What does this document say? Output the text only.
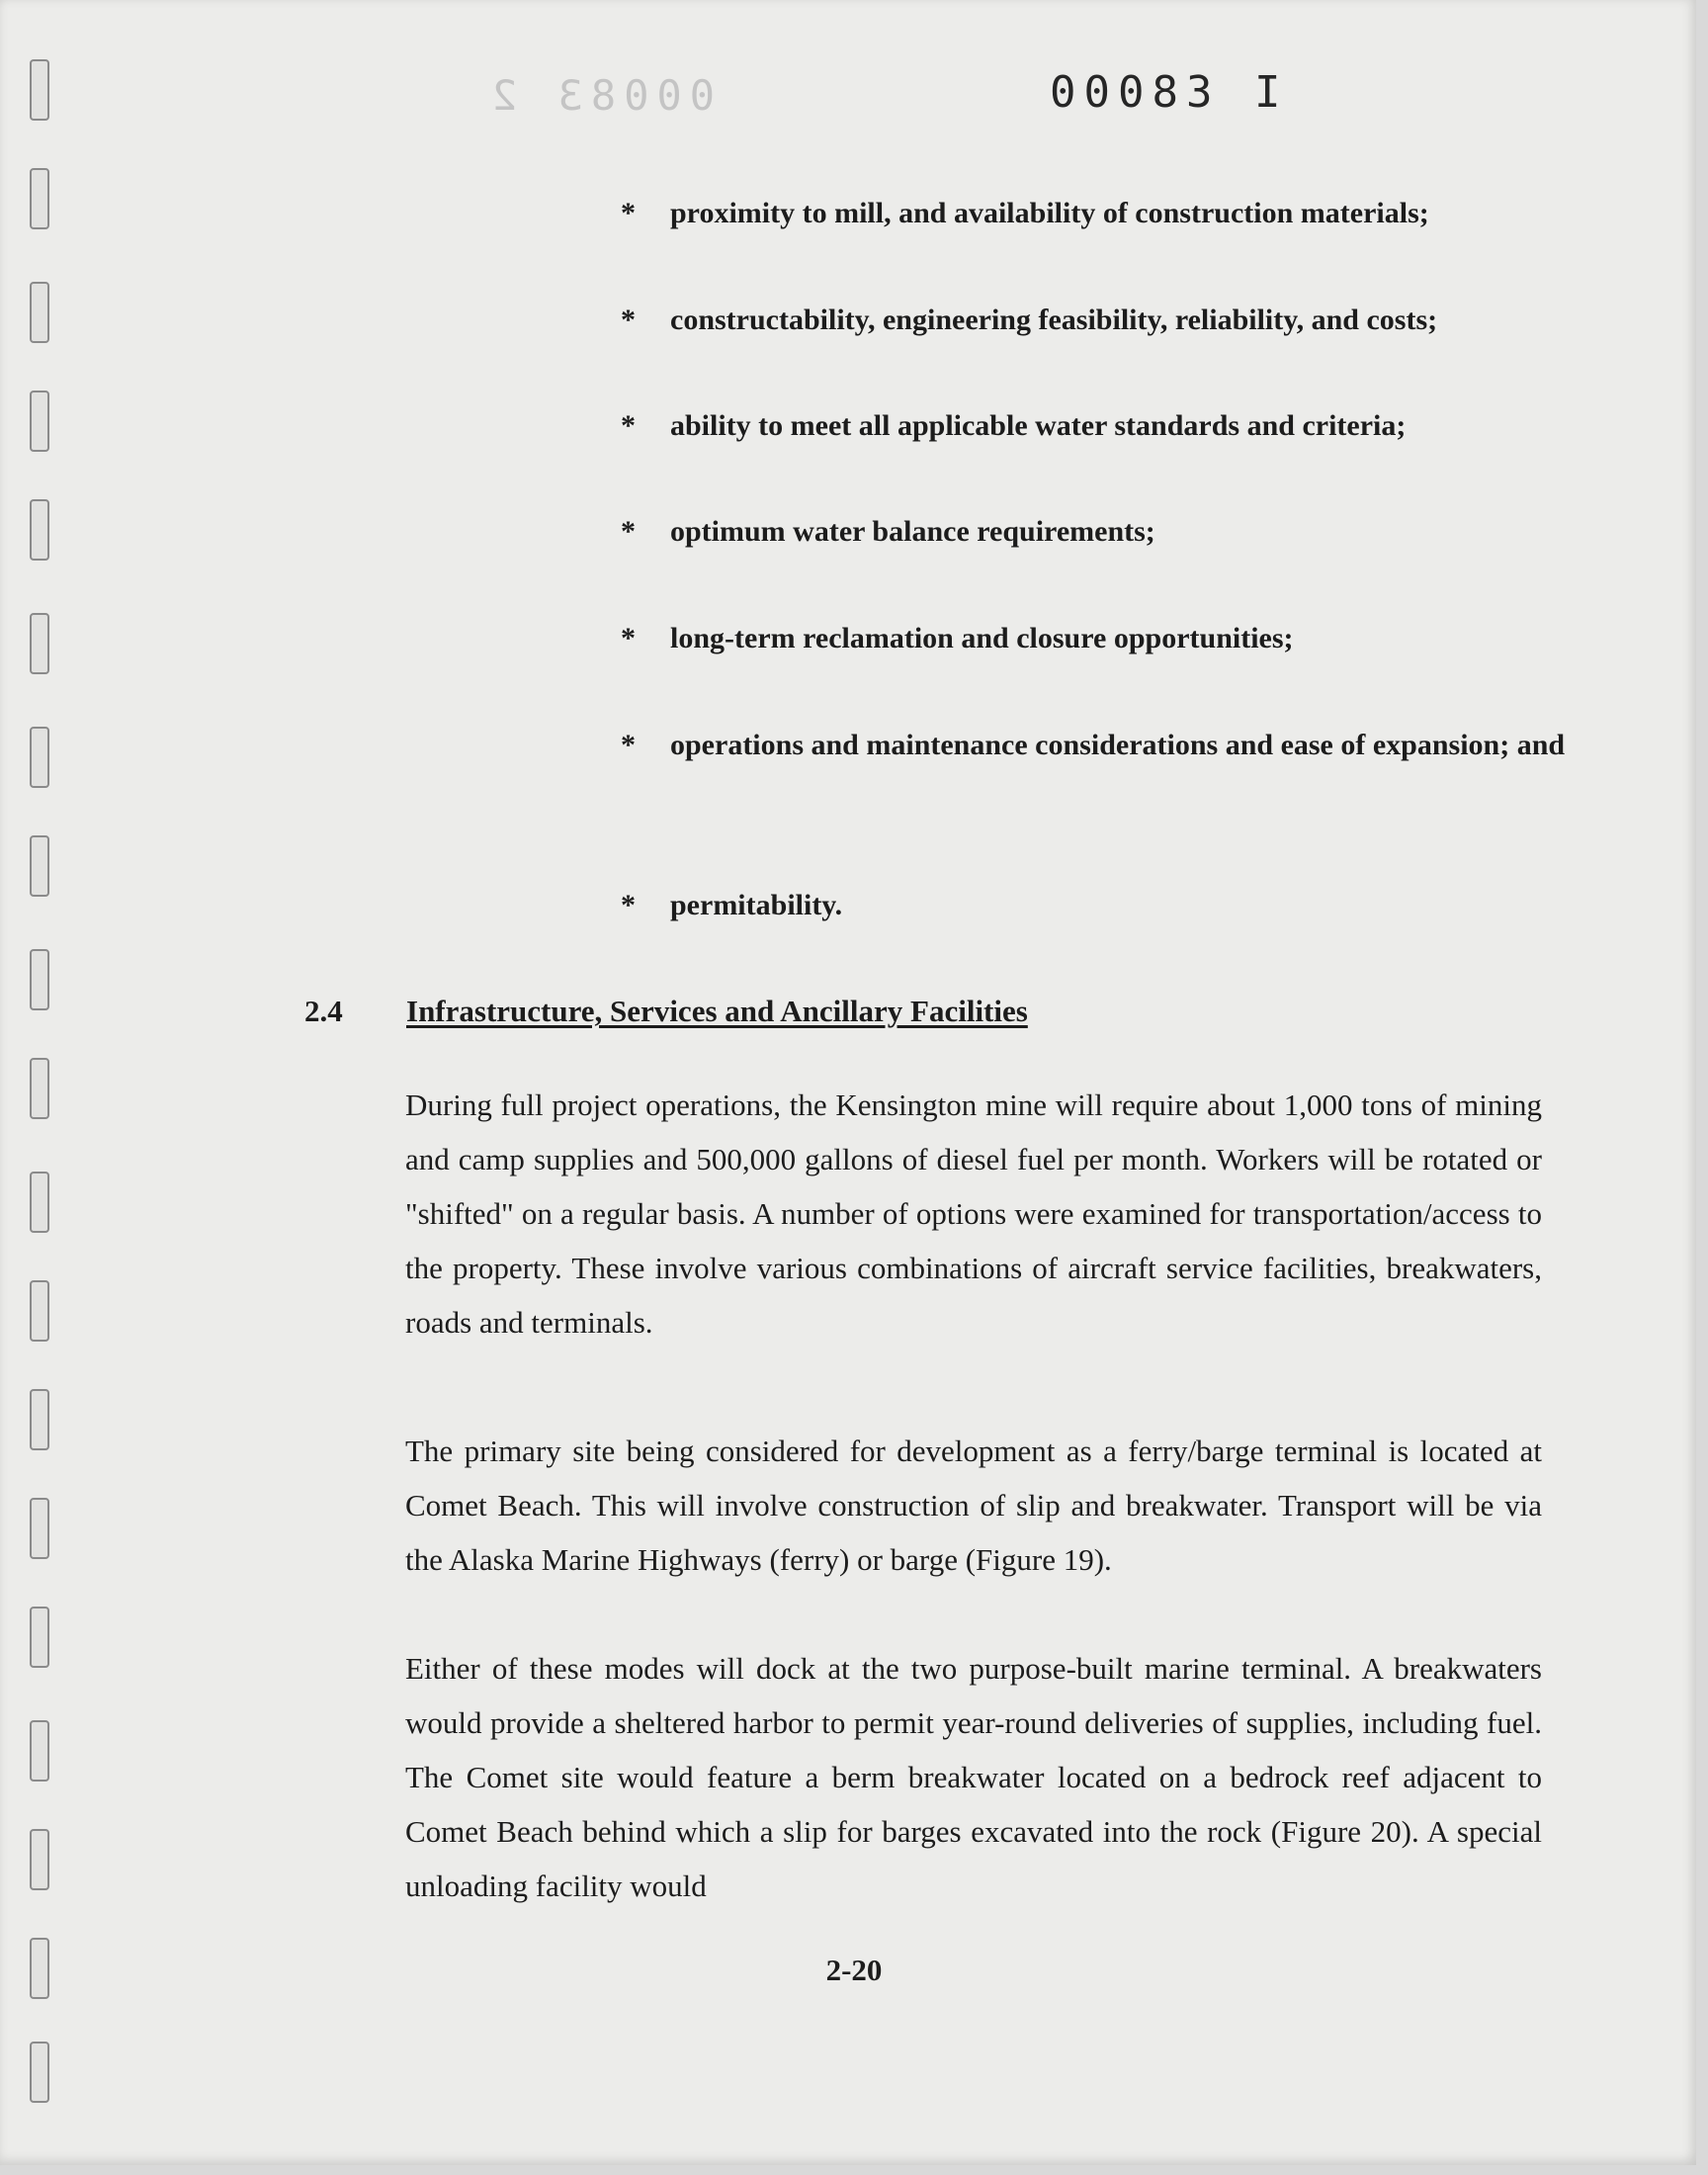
00083 2	00083 I
* proximity to mill, and availability of construction materials;
* constructability, engineering feasibility, reliability, and costs;
* ability to meet all applicable water standards and criteria;
* optimum water balance requirements;
* long-term reclamation and closure opportunities;
* operations and maintenance considerations and ease of expansion; and
* permitability.
2.4 Infrastructure, Services and Ancillary Facilities

During full project operations, the Kensington mine will require about 1,000 tons of mining and camp supplies and 500,000 gallons of diesel fuel per month. Workers will be rotated or "shifted" on a regular basis. A number of options were examined for transportation/access to the property. These involve various combinations of aircraft service facilities, breakwaters, roads and terminals.

The primary site being considered for development as a ferry/barge terminal is located at Comet Beach. This will involve construction of slip and breakwater. Transport will be via the Alaska Marine Highways (ferry) or barge (Figure 19).

Either of these modes will dock at the two purpose-built marine terminal. A breakwaters would provide a sheltered harbor to permit year-round deliveries of supplies, including fuel. The Comet site would feature a berm breakwater located on a bedrock reef adjacent to Comet Beach behind which a slip for barges excavated into the rock (Figure 20). A special unloading facility would

2-20
